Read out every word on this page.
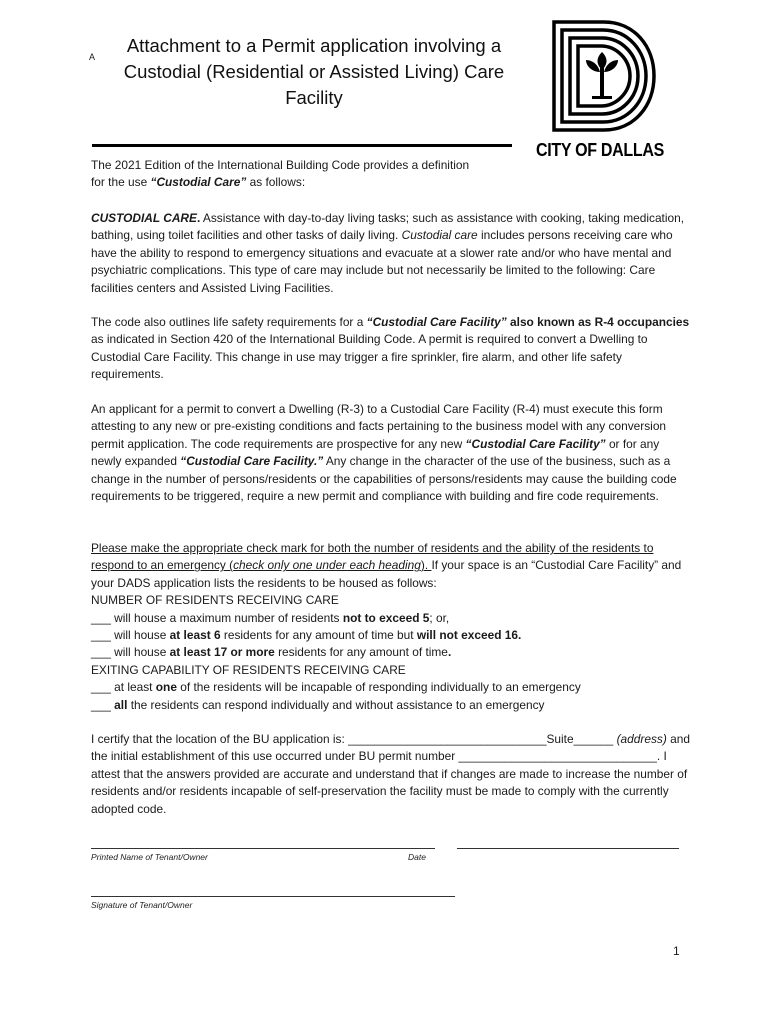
A
Attachment to a Permit application involving a Custodial (Residential or Assisted Living) Care Facility
CITY OF DALLAS

The 2021 Edition of the International Building Code provides a definition
for the use “Custodial Care” as follows:

CUSTODIAL CARE. Assistance with day-to-day living tasks; such as assistance with cooking, taking medication, bathing, using toilet facilities and other tasks of daily living. Custodial care includes persons receiving care who have the ability to respond to emergency situations and evacuate at a slower rate and/or who have mental and psychiatric complications. This type of care may include but not necessarily be limited to the following: Care facilities centers and Assisted Living Facilities.

The code also outlines life safety requirements for a “Custodial Care Facility” also known as R-4 occupancies as indicated in Section 420 of the International Building Code. A permit is required to convert a Dwelling to Custodial Care Facility. This change in use may trigger a fire sprinkler, fire alarm, and other life safety requirements.

An applicant for a permit to convert a Dwelling (R-3) to a Custodial Care Facility (R-4) must execute this form attesting to any new or pre-existing conditions and facts pertaining to the business model with any conversion permit application. The code requirements are prospective for any new “Custodial Care Facility” or for any newly expanded “Custodial Care Facility.” Any change in the character of the use of the business, such as a change in the number of persons/residents or the capabilities of persons/residents may cause the building code requirements to be triggered, require a new permit and compliance with building and fire code requirements.

Please make the appropriate check mark for both the number of residents and the ability of the residents to respond to an emergency (check only one under each heading). If your space is an “Custodial Care Facility” and your DADS application lists the residents to be housed as follows:

NUMBER OF RESIDENTS RECEIVING CARE

___ will house a maximum number of residents not to exceed 5; or,

___ will house at least 6 residents for any amount of time but will not exceed 16.

___ will house at least 17 or more residents for any amount of time.

EXITING CAPABILITY OF RESIDENTS RECEIVING CARE

___ at least one of the residents will be incapable of responding individually to an emergency

___ all the residents can respond individually and without assistance to an emergency

I certify that the location of the BU application is: ______________________________Suite______ (address) and the initial establishment of this use occurred under BU permit number ______________________________. I attest that the answers provided are accurate and understand that if changes are made to increase the number of residents and/or residents incapable of self-preservation the facility must be made to comply with the currently adopted code.

Printed Name of Tenant/Owner	Date
Signature of Tenant/Owner
1
